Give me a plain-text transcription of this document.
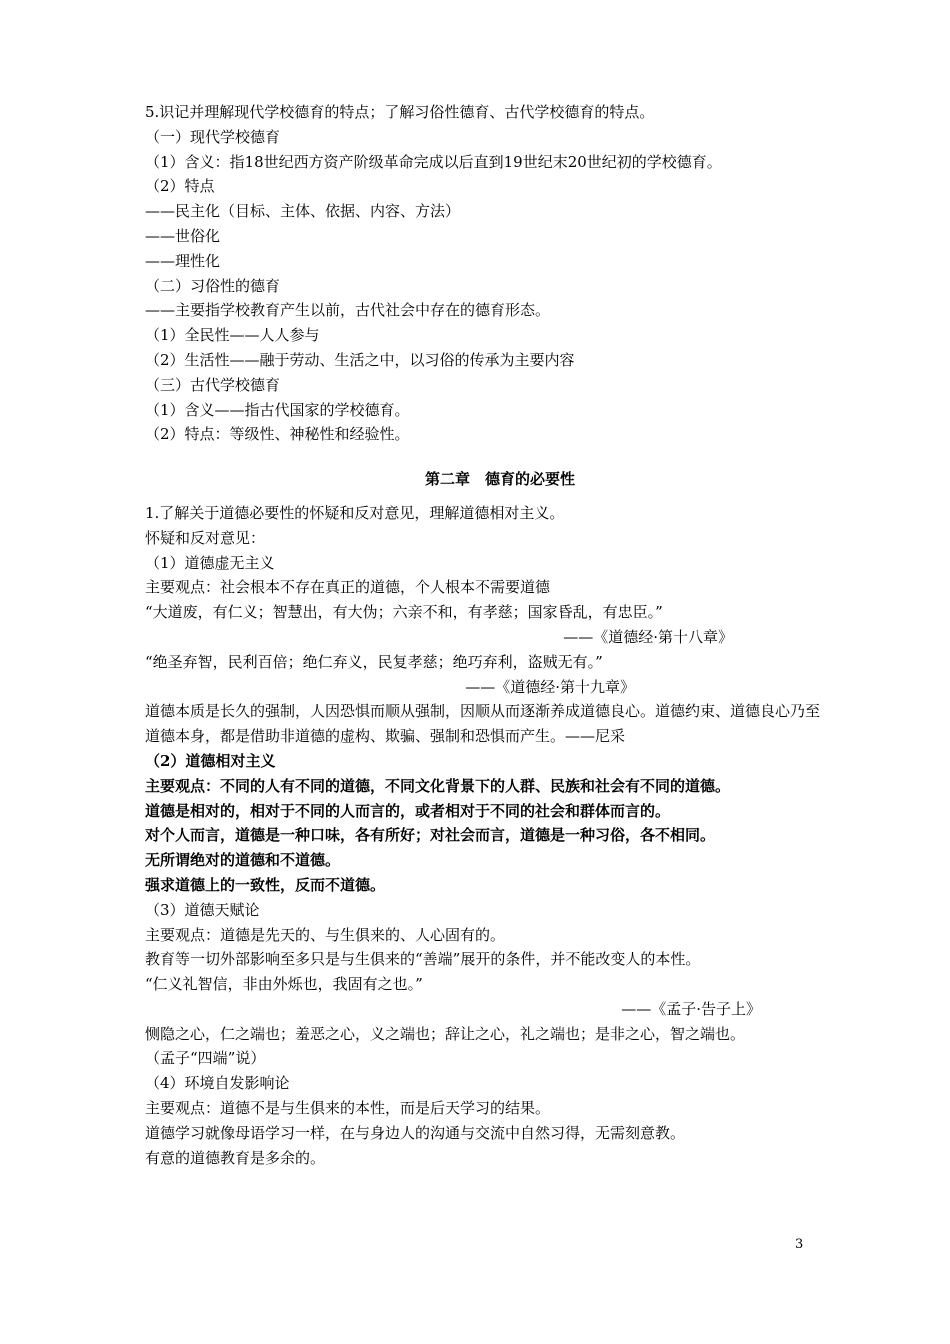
5.识记并理解现代学校德育的特点；了解习俗性德育、古代学校德育的特点。

（一）现代学校德育

（1）含义：指18世纪西方资产阶级革命完成以后直到19世纪末20世纪初的学校德育。

（2）特点

——民主化（目标、主体、依据、内容、方法）

——世俗化

——理性化

（二）习俗性的德育

——主要指学校教育产生以前，古代社会中存在的德育形态。

（1）全民性——人人参与

（2）生活性——融于劳动、生活之中，以习俗的传承为主要内容

（三）古代学校德育

（1）含义——指古代国家的学校德育。

（2）特点：等级性、神秘性和经验性。

第二章　德育的必要性

1.了解关于道德必要性的怀疑和反对意见，理解道德相对主义。

怀疑和反对意见：

（1）道德虚无主义

主要观点：社会根本不存在真正的道德，个人根本不需要道德

“大道废，有仁义；智慧出，有大伪；六亲不和，有孝慈；国家昏乱，有忠臣。”

——《道德经·第十八章》

“绝圣弃智，民利百倍；绝仁弃义，民复孝慈；绝巧弃利，盗贼无有。”

——《道德经·第十九章》

道德本质是长久的强制，人因恐惧而顺从强制，因顺从而逐渐养成道德良心。道德约束、道德良心乃至道德本身，都是借助非道德的虚构、欺骗、强制和恐惧而产生。——尼采

（2）道德相对主义

主要观点：不同的人有不同的道德，不同文化背景下的人群、民族和社会有不同的道德。

道德是相对的，相对于不同的人而言的，或者相对于不同的社会和群体而言的。

对个人而言，道德是一种口味，各有所好；对社会而言，道德是一种习俗，各不相同。

无所谓绝对的道德和不道德。

强求道德上的一致性，反而不道德。

（3）道德天赋论

主要观点：道德是先天的、与生俱来的、人心固有的。

教育等一切外部影响至多只是与生俱来的“善端”展开的条件，并不能改变人的本性。

“仁义礼智信，非由外烁也，我固有之也。”

——《孟子·告子上》

恻隐之心，仁之端也；羞恶之心，义之端也；辞让之心，礼之端也；是非之心，智之端也。

（孟子“四端”说）

（4）环境自发影响论

主要观点：道德不是与生俱来的本性，而是后天学习的结果。

道德学习就像母语学习一样，在与身边人的沟通与交流中自然习得，无需刻意教。

有意的道德教育是多余的。

3
